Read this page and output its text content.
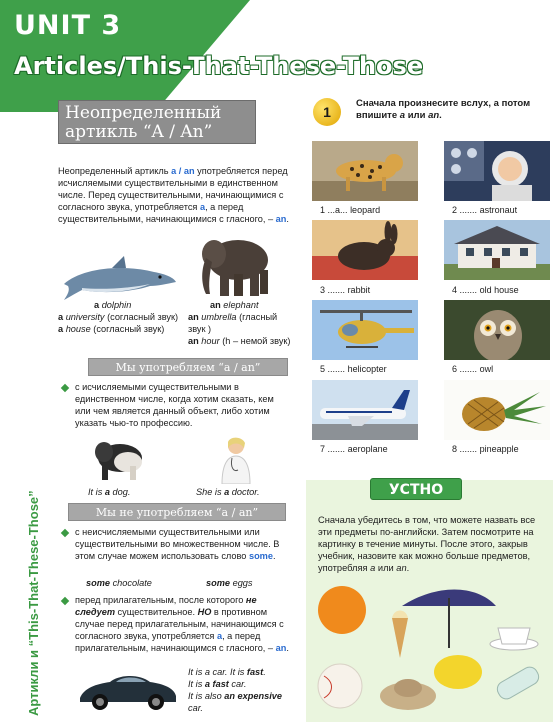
UNIT 3
Articles/This-That-These-Those
Артикли и “This-That-These-Those”
Неопределенный
артикль “A / An”
Неопределенный артикль a / an употребляется перед исчисляемыми существительными в единственном числе. Перед существительными, начинающимися с согласного звука, употребляется a, а перед существительными, начинающимися с гласного, – an.
a dolphin
a university (согласный звук)
a house (согласный звук)
an elephant
an umbrella (гласный звук )
an hour (h – немой звук)
Мы употребляем “a / an”
с исчисляемыми существительными в единственном числе, когда хотим сказать, кем или чем является данный объект, либо хотим указать чью-то профессию.
It is a dog.	She is a doctor.
Мы не употребляем “a / an”
с неисчисляемыми существительными или существительными во множественном числе. В этом случае можем использовать слово some.
some chocolate	some eggs
перед прилагательным, после которого не следует существительное. НО в противном случае перед прилагательным, начинающимся с согласного звука, употребляется a, а перед прилагательным, начинающимся с гласного, – an.
It is a car. It is fast.
It is a fast car.
It is also an expensive car.
1
Сначала произнесите вслух, а потом впишите a или an.
1 ...a... leopard	2 ....... astronaut
3 ....... rabbit	4 ....... old house
5 ....... helicopter	6 ....... owl
7 ....... aeroplane	8 ....... pineapple
УСТНО
Сначала убедитесь в том, что можете назвать все эти предметы по-английски. Затем посмотрите на картинку в течение минуты. После этого, закрыв учебник, назовите как можно больше предметов, употребляя a или an.
